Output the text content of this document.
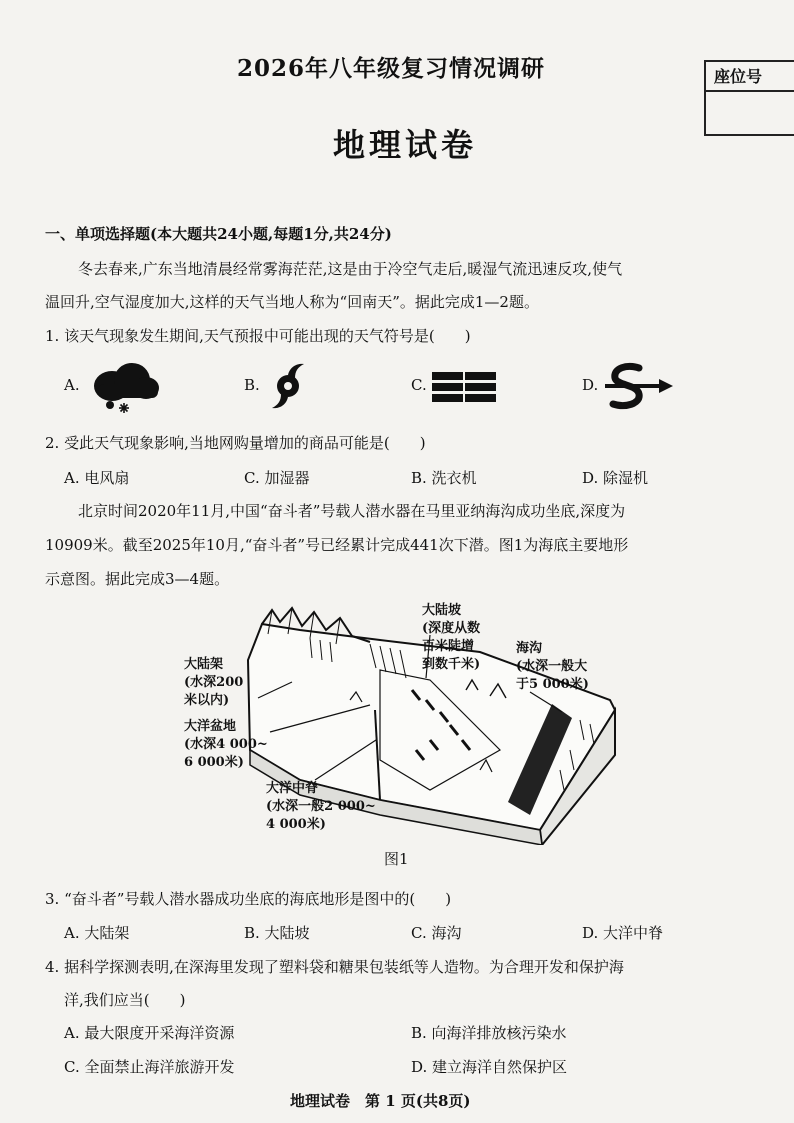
2026年八年级复习情况调研
地理试卷
座位号
一、单项选择题(本大题共24小题,每题1分,共24分)
冬去春来,广东当地清晨经常雾海茫茫,这是由于冷空气走后,暖湿气流迅速反攻,使气
温回升,空气湿度加大,这样的天气当地人称为“回南天”。据此完成1—2题。
1. 该天气现象发生期间,天气预报中可能出现的天气符号是(　　)
A.	B.	C.	D.
2. 受此天气现象影响,当地网购量增加的商品可能是(　　)
A. 电风扇	C. 加湿器	B. 洗衣机	D. 除湿机
北京时间2020年11月,中国“奋斗者”号载人潜水器在马里亚纳海沟成功坐底,深度为
10909米。截至2025年10月,“奋斗者”号已经累计完成441次下潜。图1为海底主要地形
示意图。据此完成3—4题。
大陆架
(水深200
米以内)
大洋盆地
(水深4 000~
6 000米)
大陆坡
(深度从数
百米陡增
到数千米)
海沟
(水深一般大
于5 000米)
大洋中脊
(水深一般2 000~
4 000米)
图1
3. “奋斗者”号载人潜水器成功坐底的海底地形是图中的(　　)
A. 大陆架	B. 大陆坡	C. 海沟	D. 大洋中脊
4. 据科学探测表明,在深海里发现了塑料袋和糖果包装纸等人造物。为合理开发和保护海
洋,我们应当(　　)
A. 最大限度开采海洋资源	B. 向海洋排放核污染水
C. 全面禁止海洋旅游开发	D. 建立海洋自然保护区
地理试卷　第 1 页(共8页)
